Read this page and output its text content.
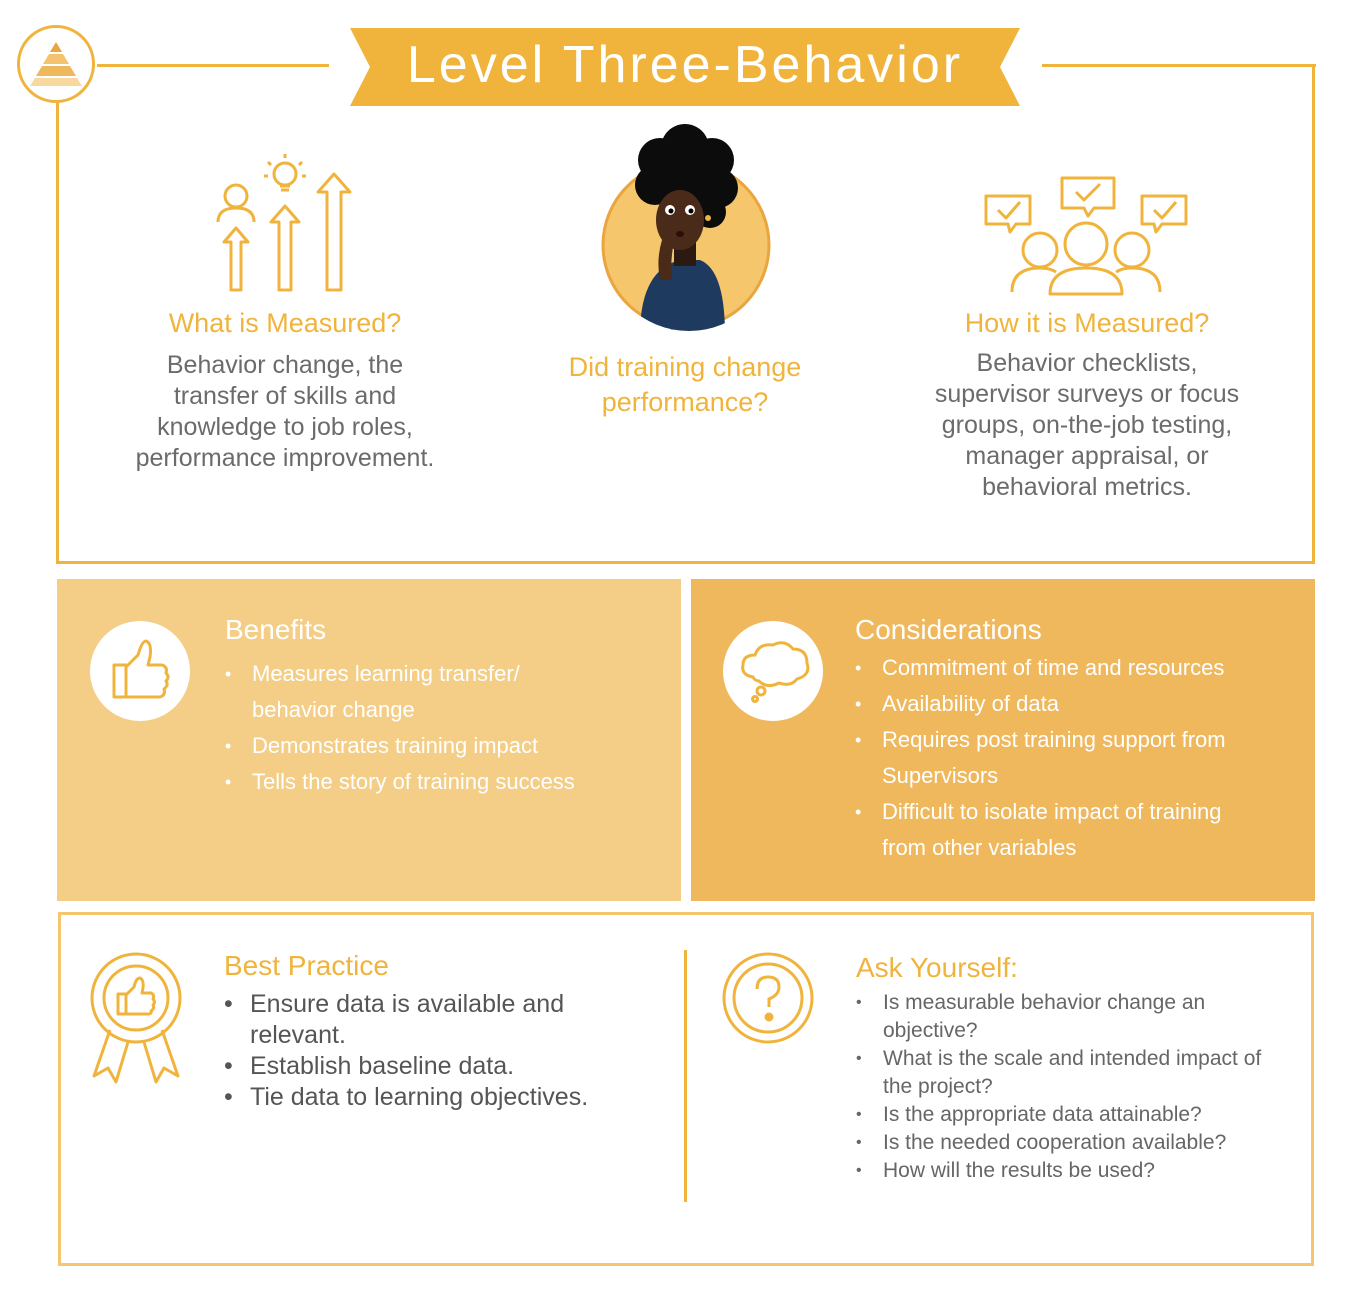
Level Three-Behavior
What is Measured?
Behavior change, the
transfer of skills and
knowledge to job roles,
performance improvement.
Did training change
performance?
How it is Measured?
Behavior checklists,
supervisor surveys or focus
groups, on-the-job testing,
manager appraisal, or
behavioral metrics.
Benefits
• Measures learning transfer/ behavior change
• Demonstrates training impact
• Tells the story of training success
Considerations
• Commitment of time and resources
• Availability of data
• Requires post training support from Supervisors
• Difficult to isolate impact of training from other variables
Best Practice
• Ensure data is available and relevant.
• Establish baseline data.
• Tie data to learning objectives.
Ask Yourself:
• Is measurable behavior change an objective?
• What is the scale and intended impact of the project?
• Is the appropriate data attainable?
• Is the needed cooperation available?
• How will the results be used?
